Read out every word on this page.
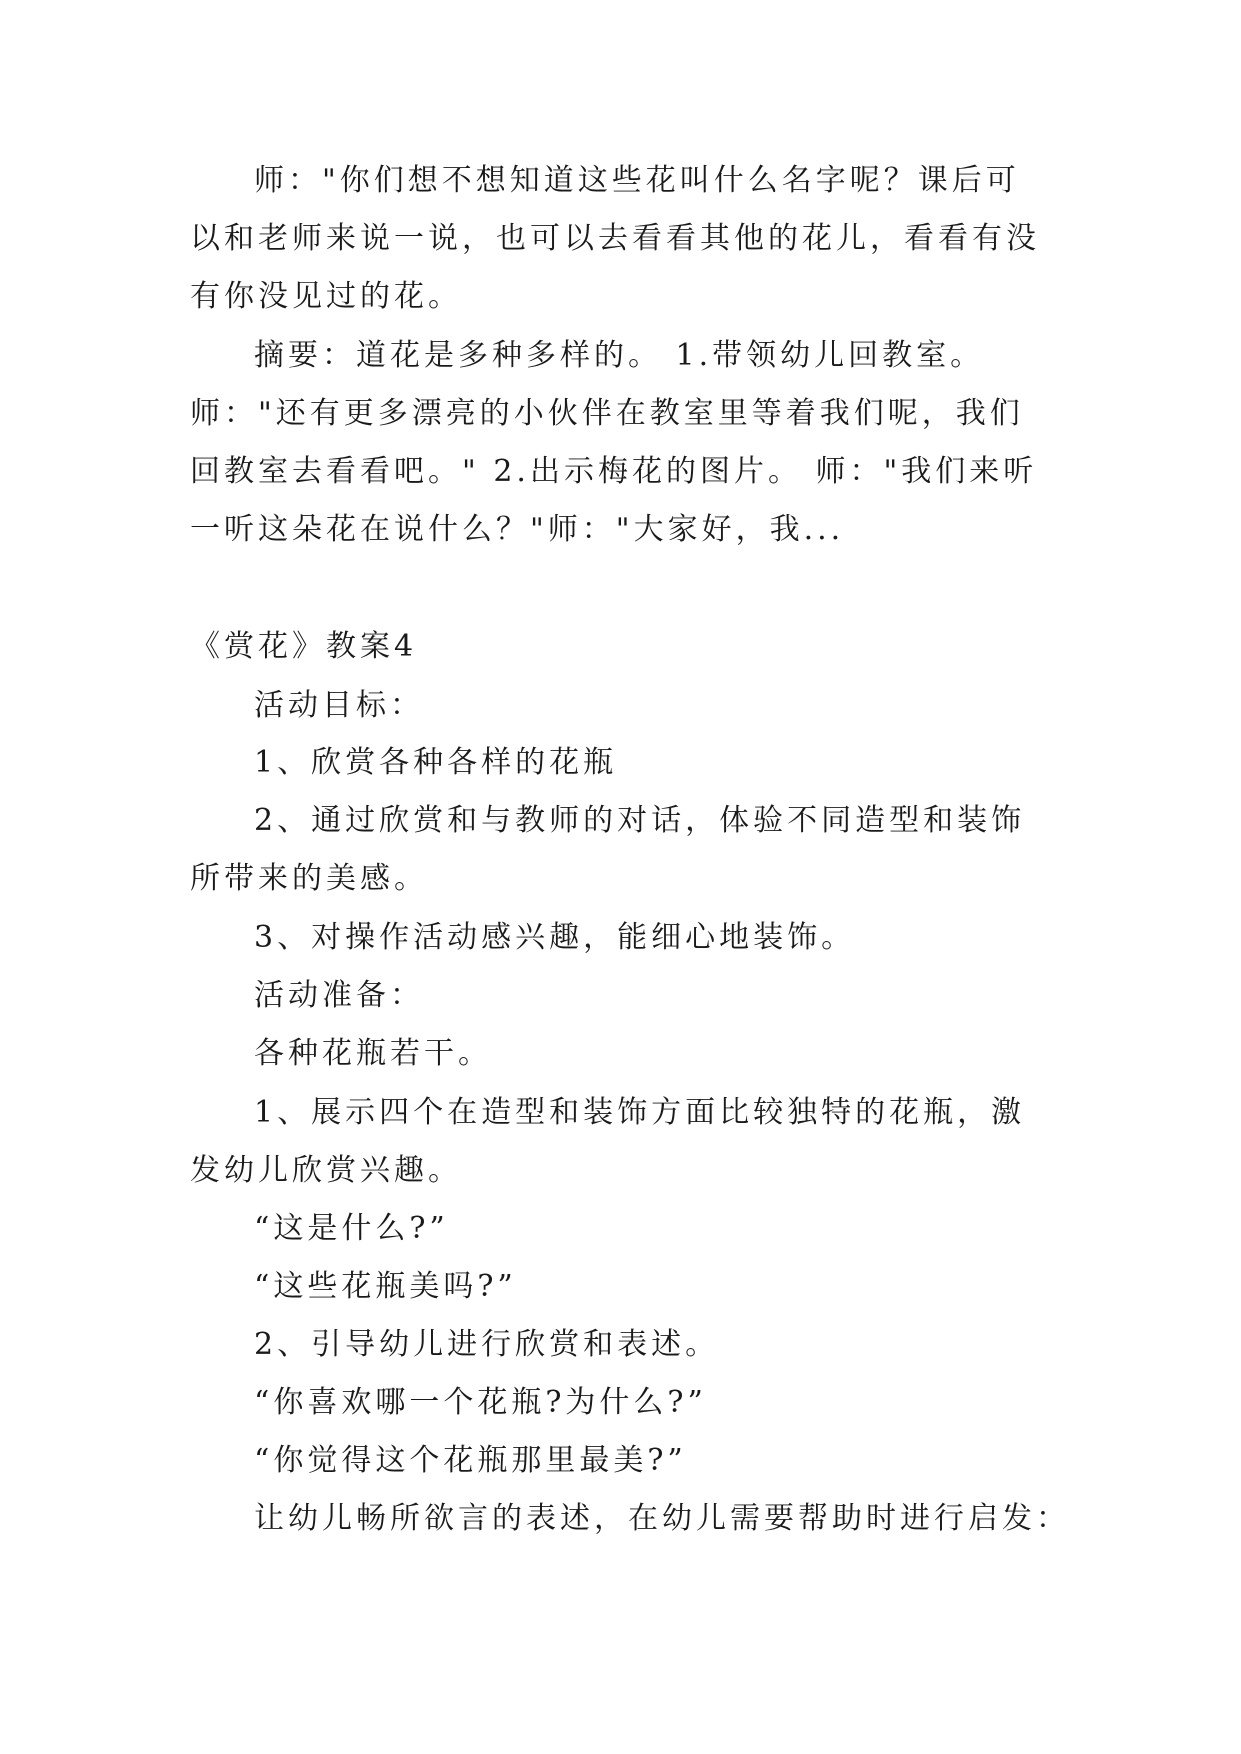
师："你们想不想知道这些花叫什么名字呢？课后可以和老师来说一说，也可以去看看其他的花儿，看看有没有你没见过的花。

摘要：道花是多种多样的。 1.带领幼儿回教室。 师："还有更多漂亮的小伙伴在教室里等着我们呢，我们回教室去看看吧。" 2.出示梅花的图片。 师："我们来听一听这朵花在说什么？"师："大家好，我...

《赏花》教案4

活动目标：

1、欣赏各种各样的花瓶

2、通过欣赏和与教师的对话，体验不同造型和装饰所带来的美感。

3、对操作活动感兴趣，能细心地装饰。

活动准备：

各种花瓶若干。

1、展示四个在造型和装饰方面比较独特的花瓶，激发幼儿欣赏兴趣。

“这是什么?”

“这些花瓶美吗?”

2、引导幼儿进行欣赏和表述。

“你喜欢哪一个花瓶?为什么?”

“你觉得这个花瓶那里最美?”

让幼儿畅所欲言的表述，在幼儿需要帮助时进行启发：
